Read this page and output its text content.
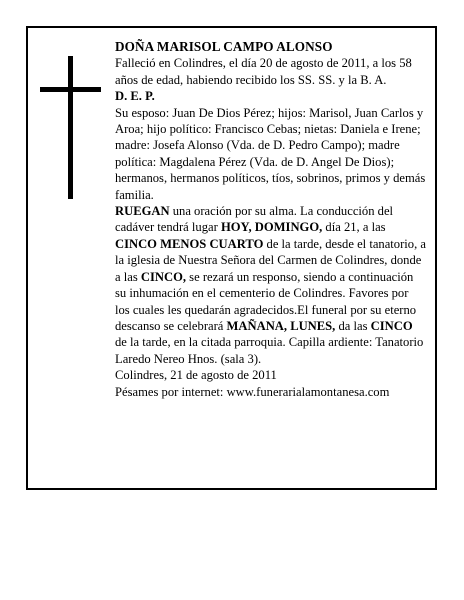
DOÑA MARISOL CAMPO ALONSO

Falleció en Colindres, el día 20 de agosto de 2011, a los 58 años de edad, habiendo recibido los SS. SS. y la B. A.

D. E. P.

Su esposo: Juan De Dios Pérez; hijos: Marisol, Juan Carlos y Aroa; hijo político: Francisco Cebas; nietas: Daniela e Irene; madre: Josefa Alonso (Vda. de D. Pedro Campo); madre política: Magdalena Pérez (Vda. de D. Angel De Dios); hermanos, hermanos políticos, tíos, sobrinos, primos y demás familia.

RUEGAN una oración por su alma. La conducción del cadáver tendrá lugar HOY, DOMINGO, día 21, a las CINCO MENOS CUARTO de la tarde, desde el tanatorio, a la iglesia de Nuestra Señora del Carmen de Colindres, donde a las CINCO, se rezará un responso, siendo a continuación su inhumación en el cementerio de Colindres. Favores por los cuales les quedarán agradecidos.El funeral por su eterno descanso se celebrará MAÑANA, LUNES, da las CINCO de la tarde, en la citada parroquia. Capilla ardiente: Tanatorio Laredo Nereo Hnos. (sala 3).

Colindres, 21 de agosto de 2011

Pésames por internet: www.funerarialamontanesa.com
